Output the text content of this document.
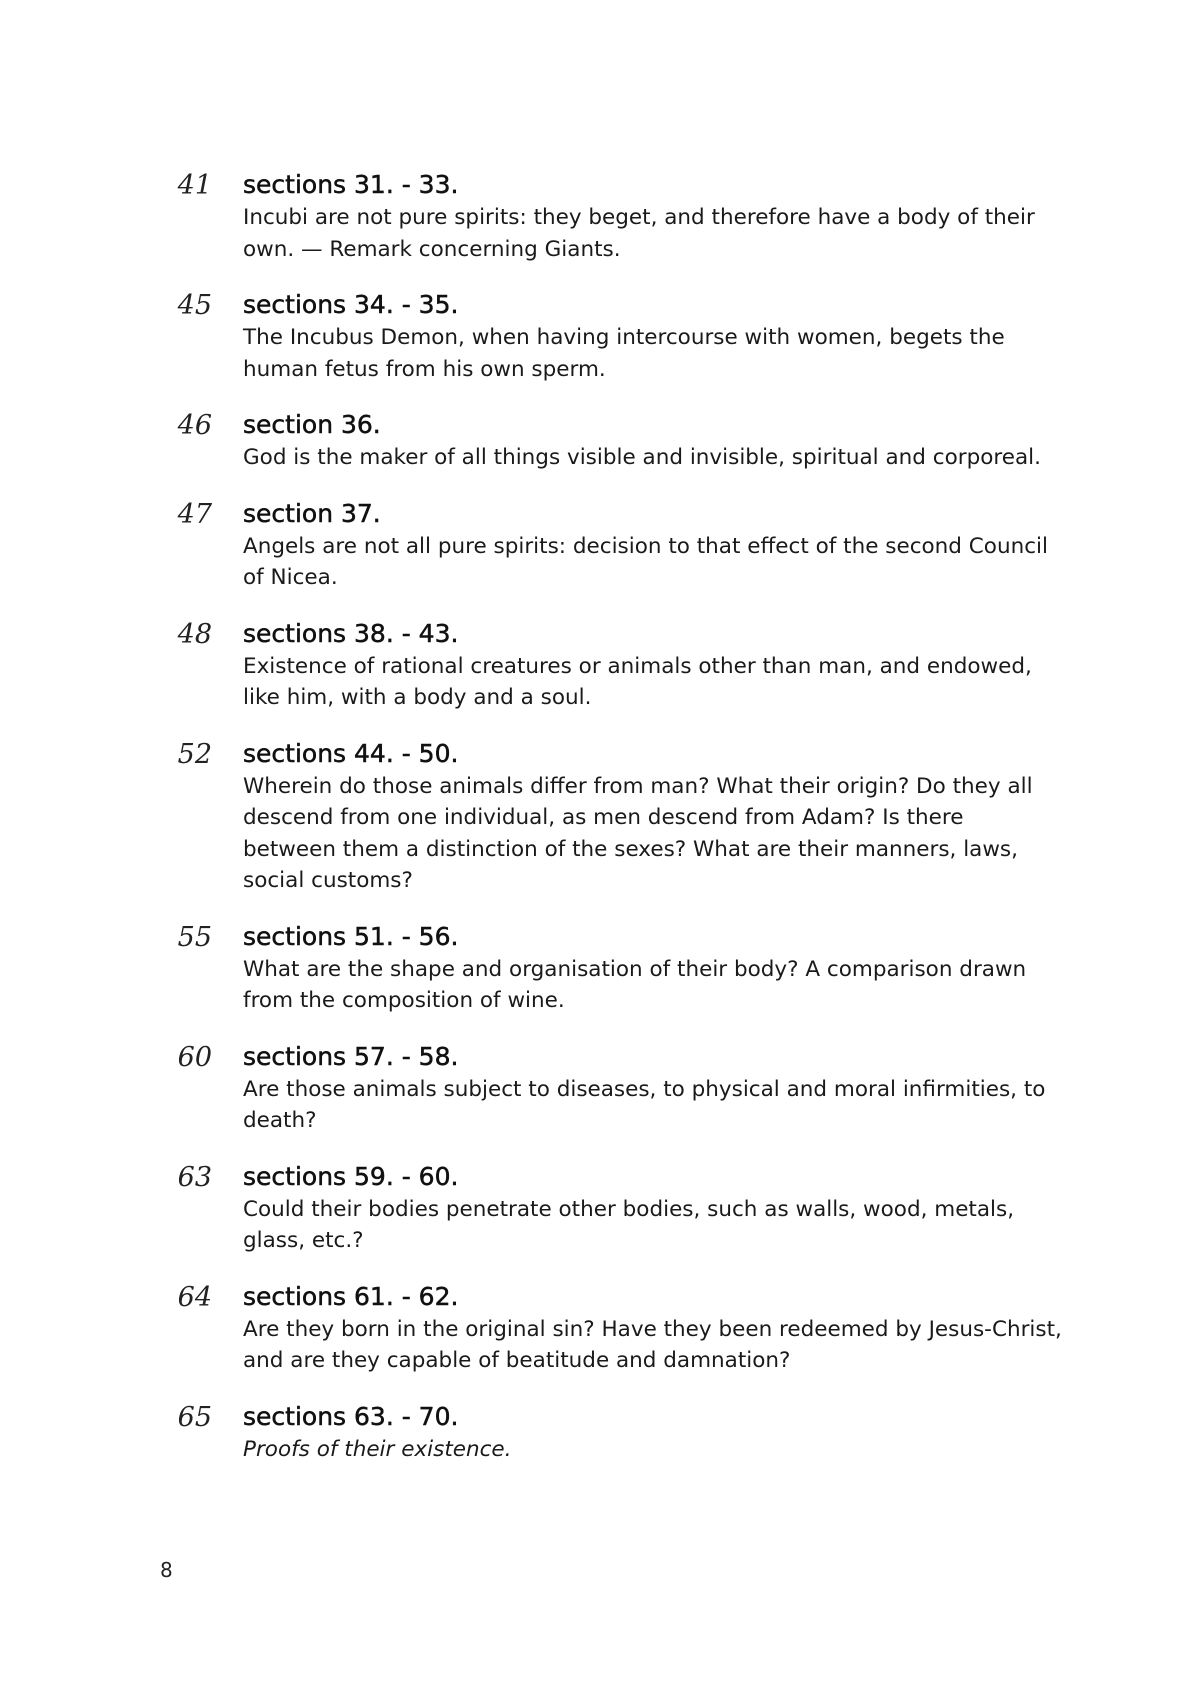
41 sections 31. - 33.
Incubi are not pure spirits: they beget, and therefore have a body of their own. — Remark concerning Giants.
45 sections 34. - 35.
The Incubus Demon, when having intercourse with women, begets the human fetus from his own sperm.
46 section 36.
God is the maker of all things visible and invisible, spiritual and corporeal.
47 section 37.
Angels are not all pure spirits: decision to that effect of the second Council of Nicea.
48 sections 38. - 43.
Existence of rational creatures or animals other than man, and endowed, like him, with a body and a soul.
52 sections 44. - 50.
Wherein do those animals differ from man? What their origin? Do they all descend from one individual, as men descend from Adam? Is there between them a distinction of the sexes? What are their manners, laws, social customs?
55 sections 51. - 56.
What are the shape and organisation of their body? A comparison drawn from the composition of wine.
60 sections 57. - 58.
Are those animals subject to diseases, to physical and moral infirmities, to death?
63 sections 59. - 60.
Could their bodies penetrate other bodies, such as walls, wood, metals, glass, etc.?
64 sections 61. - 62.
Are they born in the original sin? Have they been redeemed by Jesus-Christ, and are they capable of beatitude and damnation?
65 sections 63. - 70.
Proofs of their existence.
8
